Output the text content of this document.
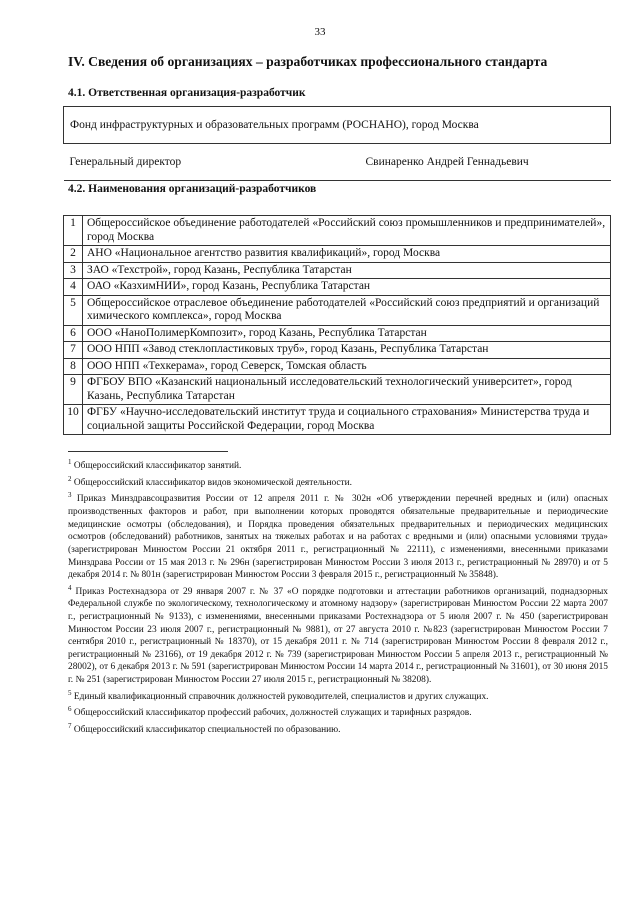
33
IV. Сведения об организациях – разработчиках профессионального стандарта
4.1. Ответственная организация-разработчик
Фонд инфраструктурных и образовательных программ (РОСНАНО), город Москва
Генеральный директор	Свинаренко Андрей Геннадьевич
4.2. Наименования организаций-разработчиков

1	Общероссийское объединение работодателей «Российский союз промышленников и предпринимателей», город Москва
2	АНО «Национальное агентство развития квалификаций», город Москва
3	ЗАО «Техстрой», город Казань, Республика Татарстан
4	ОАО «КазхимНИИ», город Казань, Республика Татарстан
5	Общероссийское отраслевое объединение работодателей «Российский союз предприятий и организаций химического комплекса», город Москва
6	ООО «НаноПолимерКомпозит», город Казань, Республика Татарстан
7	ООО НПП «Завод стеклопластиковых труб», город Казань, Республика Татарстан
8	ООО НПП «Техкерама», город Северск, Томская область
9	ФГБОУ ВПО «Казанский национальный исследовательский технологический университет», город Казань, Республика Татарстан
10	ФГБУ «Научно-исследовательский институт труда и социального страхования» Министерства труда и социальной защиты Российской Федерации, город Москва

$^1$ Общероссийский классификатор занятий.

$^2$ Общероссийский классификатор видов экономической деятельности.

$^3$ Приказ Минздравсоцразвития России от 12 апреля 2011 г. № 302н «Об утверждении перечней вредных и (или) опасных производственных факторов и работ, при выполнении которых проводятся обязательные предварительные и периодические медицинские осмотры (обследования), и Порядка проведения обязательных предварительных и периодических медицинских осмотров (обследований) работников, занятых на тяжелых работах и на работах с вредными и (или) опасными условиями труда» (зарегистрирован Минюстом России 21 октября 2011 г., регистрационный № 22111), с изменениями, внесенными приказами Минздрава России от 15 мая 2013 г. № 296н (зарегистрирован Минюстом России 3 июля 2013 г., регистрационный № 28970) и от 5 декабря 2014 г. № 801н (зарегистрирован Минюстом России 3 февраля 2015 г., регистрационный № 35848).

$^4$ Приказ Ростехнадзора от 29 января 2007 г. № 37 «О порядке подготовки и аттестации работников организаций, поднадзорных Федеральной службе по экологическому, технологическому и атомному надзору» (зарегистрирован Минюстом России 22 марта 2007 г., регистрационный № 9133), с изменениями, внесенными приказами Ростехнадзора от 5 июля 2007 г. № 450 (зарегистрирован Минюстом России 23 июля 2007 г., регистрационный № 9881), от 27 августа 2010 г. №823 (зарегистрирован Минюстом России 7 сентября 2010 г., регистрационный № 18370), от 15 декабря 2011 г. № 714 (зарегистрирован Минюстом России 8 февраля 2012 г., регистрационный № 23166), от 19 декабря 2012 г. № 739 (зарегистрирован Минюстом России 5 апреля 2013 г., регистрационный № 28002), от 6 декабря 2013 г. № 591 (зарегистрирован Минюстом России 14 марта 2014 г., регистрационный № 31601), от 30 июня 2015 г. № 251 (зарегистрирован Минюстом России 27 июля 2015 г., регистрационный № 38208).

$^5$ Единый квалификационный справочник должностей руководителей, специалистов и других служащих.

$^6$ Общероссийский классификатор профессий рабочих, должностей служащих и тарифных разрядов.

$^7$ Общероссийский классификатор специальностей по образованию.
